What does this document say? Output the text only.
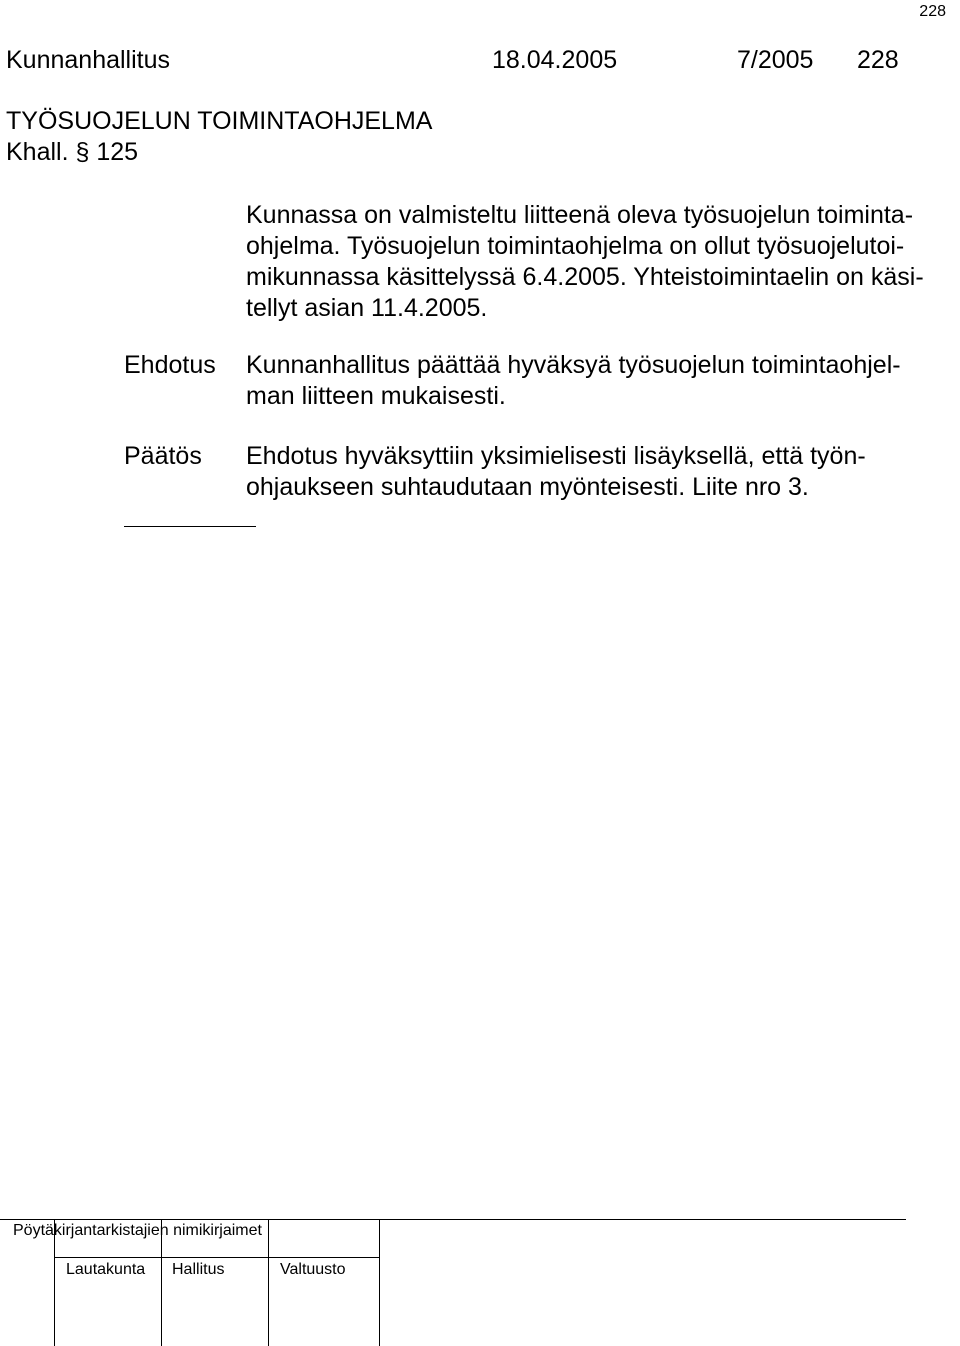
228
Kunnanhallitus	18.04.2005	7/2005 228
TYÖSUOJELUN TOIMINTAOHJELMA
Khall. § 125
Kunnassa on valmisteltu liitteenä oleva työsuojelun toiminta-
ohjelma. Työsuojelun toimintaohjelma on ollut työsuojelutoi-
mikunnassa käsittelyssä 6.4.2005. Yhteistoimintaelin on käsi-
tellyt asian 11.4.2005.
Ehdotus Kunnanhallitus päättää hyväksyä työsuojelun toimintaohjel-
man liitteen mukaisesti.
Päätös Ehdotus hyväksyttiin yksimielisesti lisäyksellä, että työn-
ohjaukseen suhtaudutaan myönteisesti. Liite nro 3.
Pöytäkirjantarkistajien nimikirjaimet
Lautakunta Hallitus	Valtuusto
